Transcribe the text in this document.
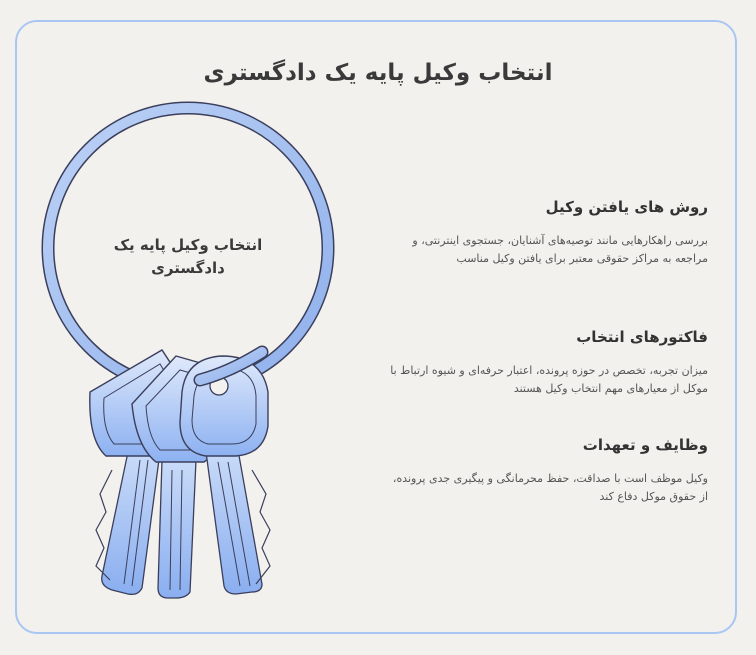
انتخاب وکیل پایه یک دادگستری
انتخاب وکیل پایه یک دادگستری
روش های یافتن وکیل

بررسی راهکارهایی مانند توصیه‌های آشنایان، جستجوی اینترنتی، و مراجعه به مراکز حقوقی معتبر برای یافتن وکیل مناسب

فاکتورهای انتخاب

میزان تجربه، تخصص در حوزه پرونده، اعتبار حرفه‌ای و شیوه ارتباط با موکل از معیارهای مهم انتخاب وکیل هستند

وظایف و تعهدات

وکیل موظف است با صداقت، حفظ محرمانگی و پیگیری جدی پرونده، از حقوق موکل دفاع کند
